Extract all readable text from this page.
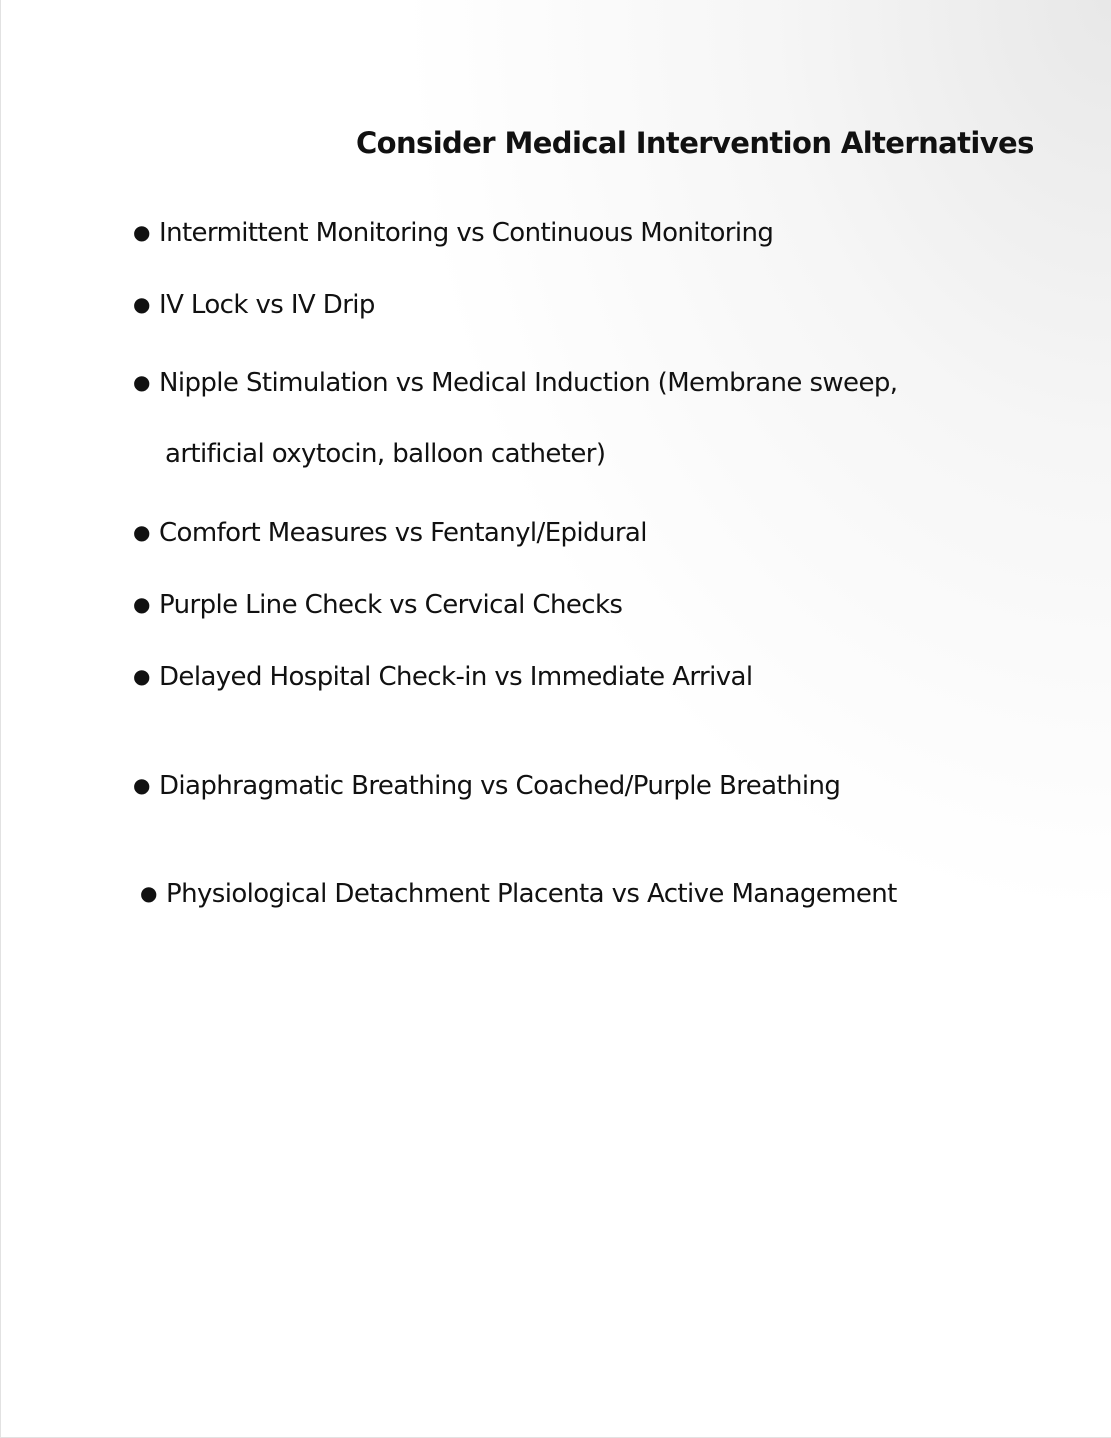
Consider Medical Intervention Alternatives

● Intermittent Monitoring vs Continuous Monitoring

● IV Lock vs IV Drip

● Nipple Stimulation vs Medical Induction (Membrane sweep,

artificial oxytocin, balloon catheter)

● Comfort Measures vs Fentanyl/Epidural

● Purple Line Check vs Cervical Checks

● Delayed Hospital Check-in vs Immediate Arrival

● Diaphragmatic Breathing vs Coached/Purple Breathing

● Physiological Detachment Placenta vs Active Management
